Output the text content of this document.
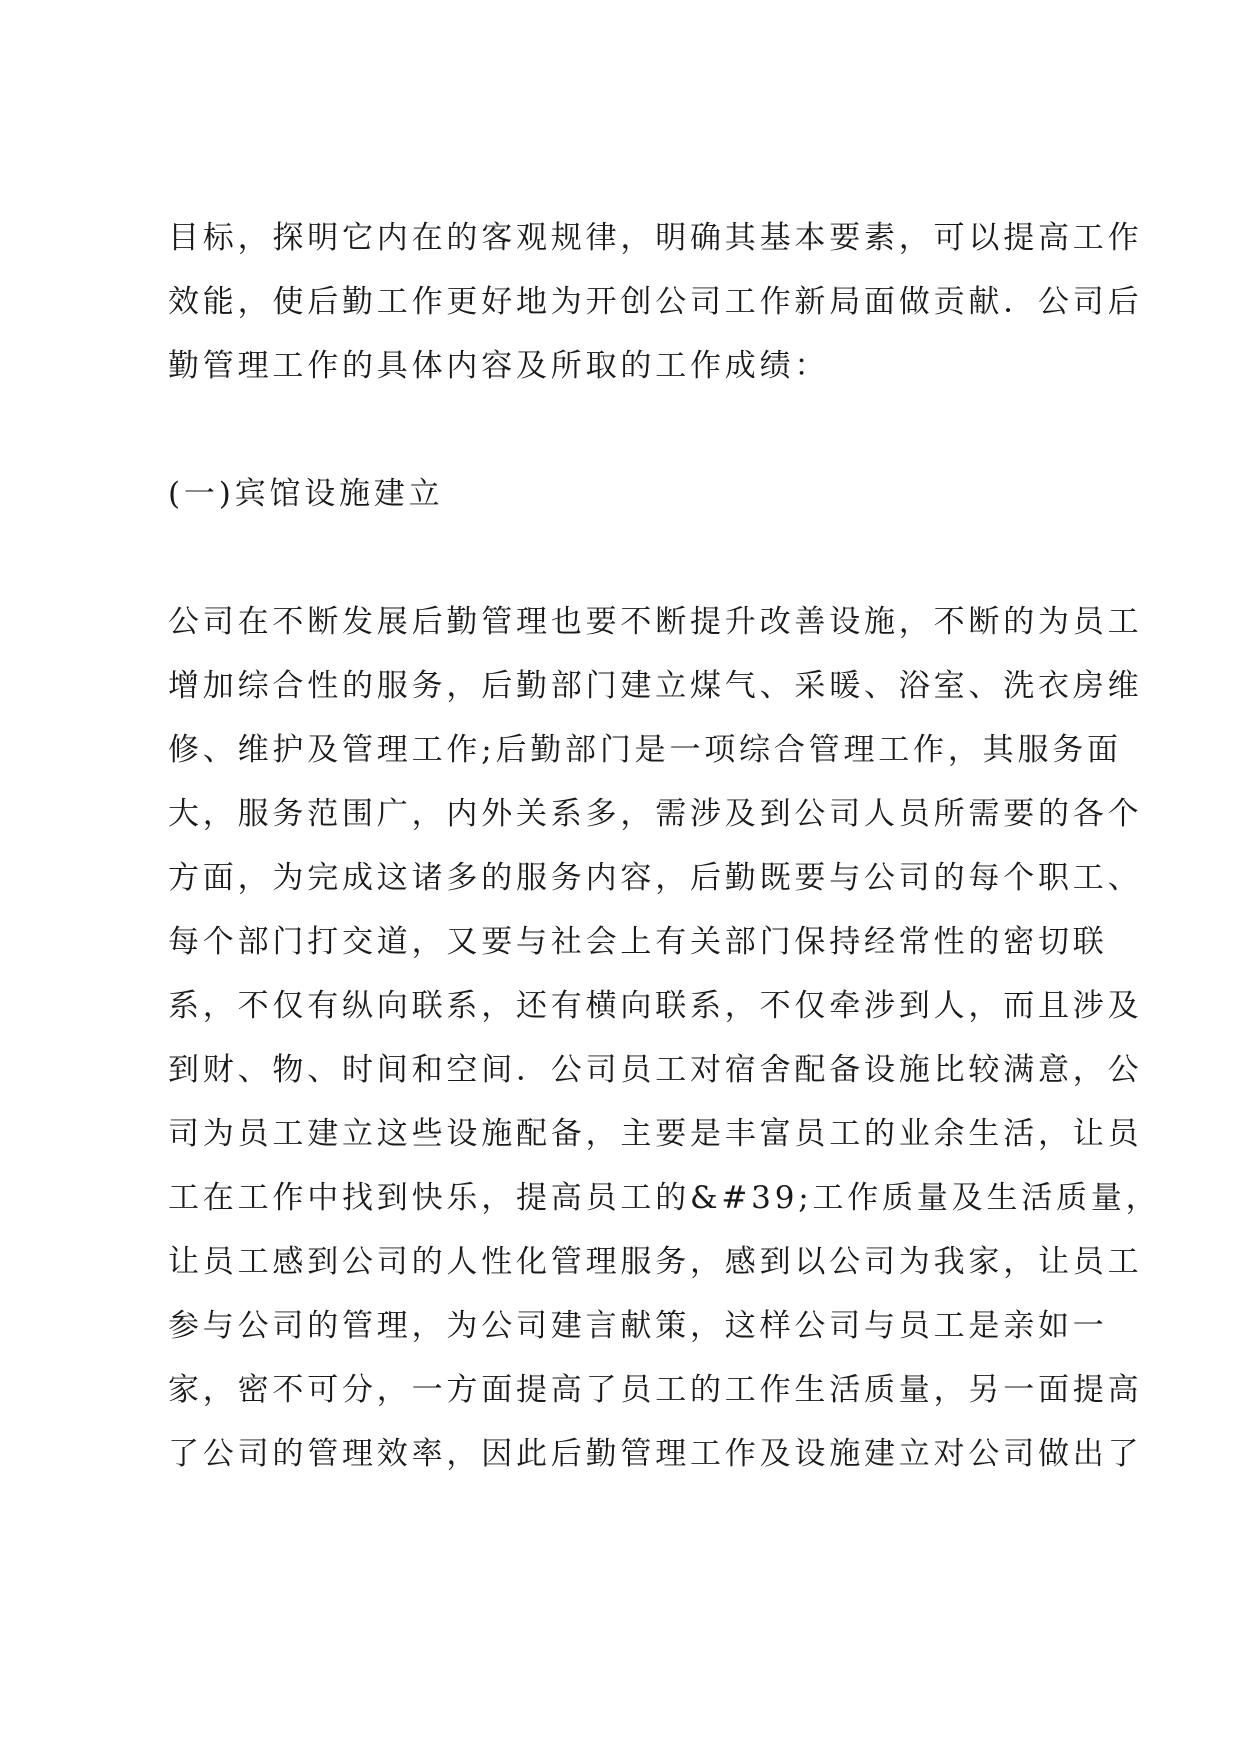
目标，探明它内在的客观规律，明确其基本要素，可以提高工作
效能，使后勤工作更好地为开创公司工作新局面做贡献．公司后
勤管理工作的具体内容及所取的工作成绩：
(一)宾馆设施建立
公司在不断发展后勤管理也要不断提升改善设施，不断的为员工
增加综合性的服务，后勤部门建立煤气、采暖、浴室、洗衣房维
修、维护及管理工作;后勤部门是一项综合管理工作，其服务面
大，服务范围广，内外关系多，需涉及到公司人员所需要的各个
方面，为完成这诸多的服务内容，后勤既要与公司的每个职工、
每个部门打交道，又要与社会上有关部门保持经常性的密切联
系，不仅有纵向联系，还有横向联系，不仅牵涉到人，而且涉及
到财、物、时间和空间．公司员工对宿舍配备设施比较满意，公
司为员工建立这些设施配备，主要是丰富员工的业余生活，让员
工在工作中找到快乐，提高员工的&#39;工作质量及生活质量，
让员工感到公司的人性化管理服务，感到以公司为我家，让员工
参与公司的管理，为公司建言献策，这样公司与员工是亲如一
家，密不可分，一方面提高了员工的工作生活质量，另一面提高
了公司的管理效率，因此后勤管理工作及设施建立对公司做出了
